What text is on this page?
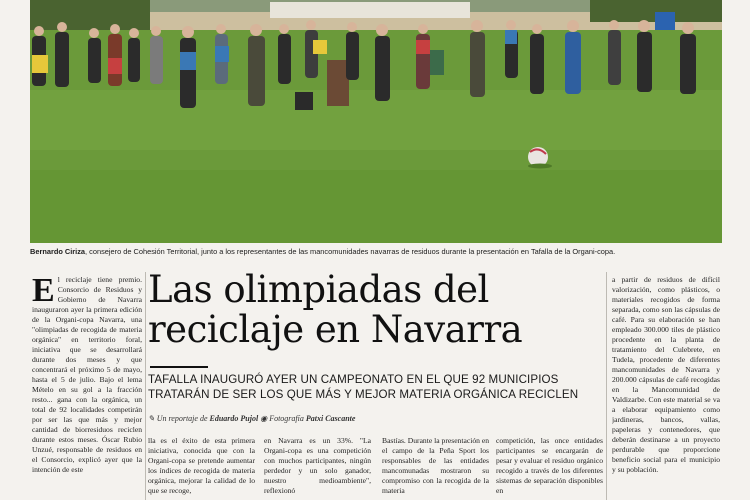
Bernardo Ciriza, consejero de Cohesión Territorial, junto a los representantes de las mancomunidades navarras de residuos durante la presentación en Tafalla de la Organi-copa.

El reciclaje tiene premio. Consorcio de Residuos y Gobierno de Navarra inauguraron ayer la primera edición de la Organi-copa Navarra, una "olimpiadas de recogida de materia orgánica" en territorio foral, iniciativa que se desarrollará durante dos meses y que concentrará el próximo 5 de mayo, hasta el 5 de julio. Bajo el lema Mételo en su gol a la fracción resto... gana con la orgánica, un total de 92 localidades competirán por ser las que más y mejor cantidad de biorresiduos reciclen durante estos meses. Óscar Rubio Unzué, responsable de residuos en el Consorcio, explicó ayer que la intención de este

Las olimpiadas del reciclaje en Navarra
TAFALLA INAUGURÓ AYER UN CAMPEONATO EN EL QUE 92 MUNICIPIOS TRATARÁN DE SER LOS QUE MÁS Y MEJOR MATERIA ORGÁNICA RECICLEN
✎ Un reportaje de Eduardo Pujol ◉ Fotografía Patxi Cascante

lla es el éxito de esta primera iniciativa, conocida que con la Organi-copa se pretende aumentar los índices de recogida de materia orgánica, mejorar la calidad de lo que se recoge,

en Navarra es un 33%. "La Organi-copa es una competición con muchos participantes, ningún perdedor y un solo ganador, nuestro medioambiente", reflexionó

Bastías. Durante la presentación en el campo de la Peña Sport los responsables de las entidades mancomunadas mostraron su compromiso con la recogida de la materia

competición, las once entidades participantes se encargarán de pesar y evaluar el residuo orgánico recogido a través de los diferentes sistemas de separación disponibles en

a partir de residuos de difícil valorización, como plásticos, o materiales recogidos de forma separada, como son las cápsulas de café. Para su elaboración se han empleado 300.000 tiles de plástico procedente en la planta de tratamiento del Culebrete, en Tudela, procedente de diferentes mancomunidades de Navarra y 200.000 cápsulas de café recogidas en la Mancomunidad de Valdizarbe. Con este material se va a elaborar equipamiento como jardineras, bancos, vallas, papeleras y contenedores, que deberán destinarse a un proyecto perdurable que proporcione beneficio social para el municipio y su población.
